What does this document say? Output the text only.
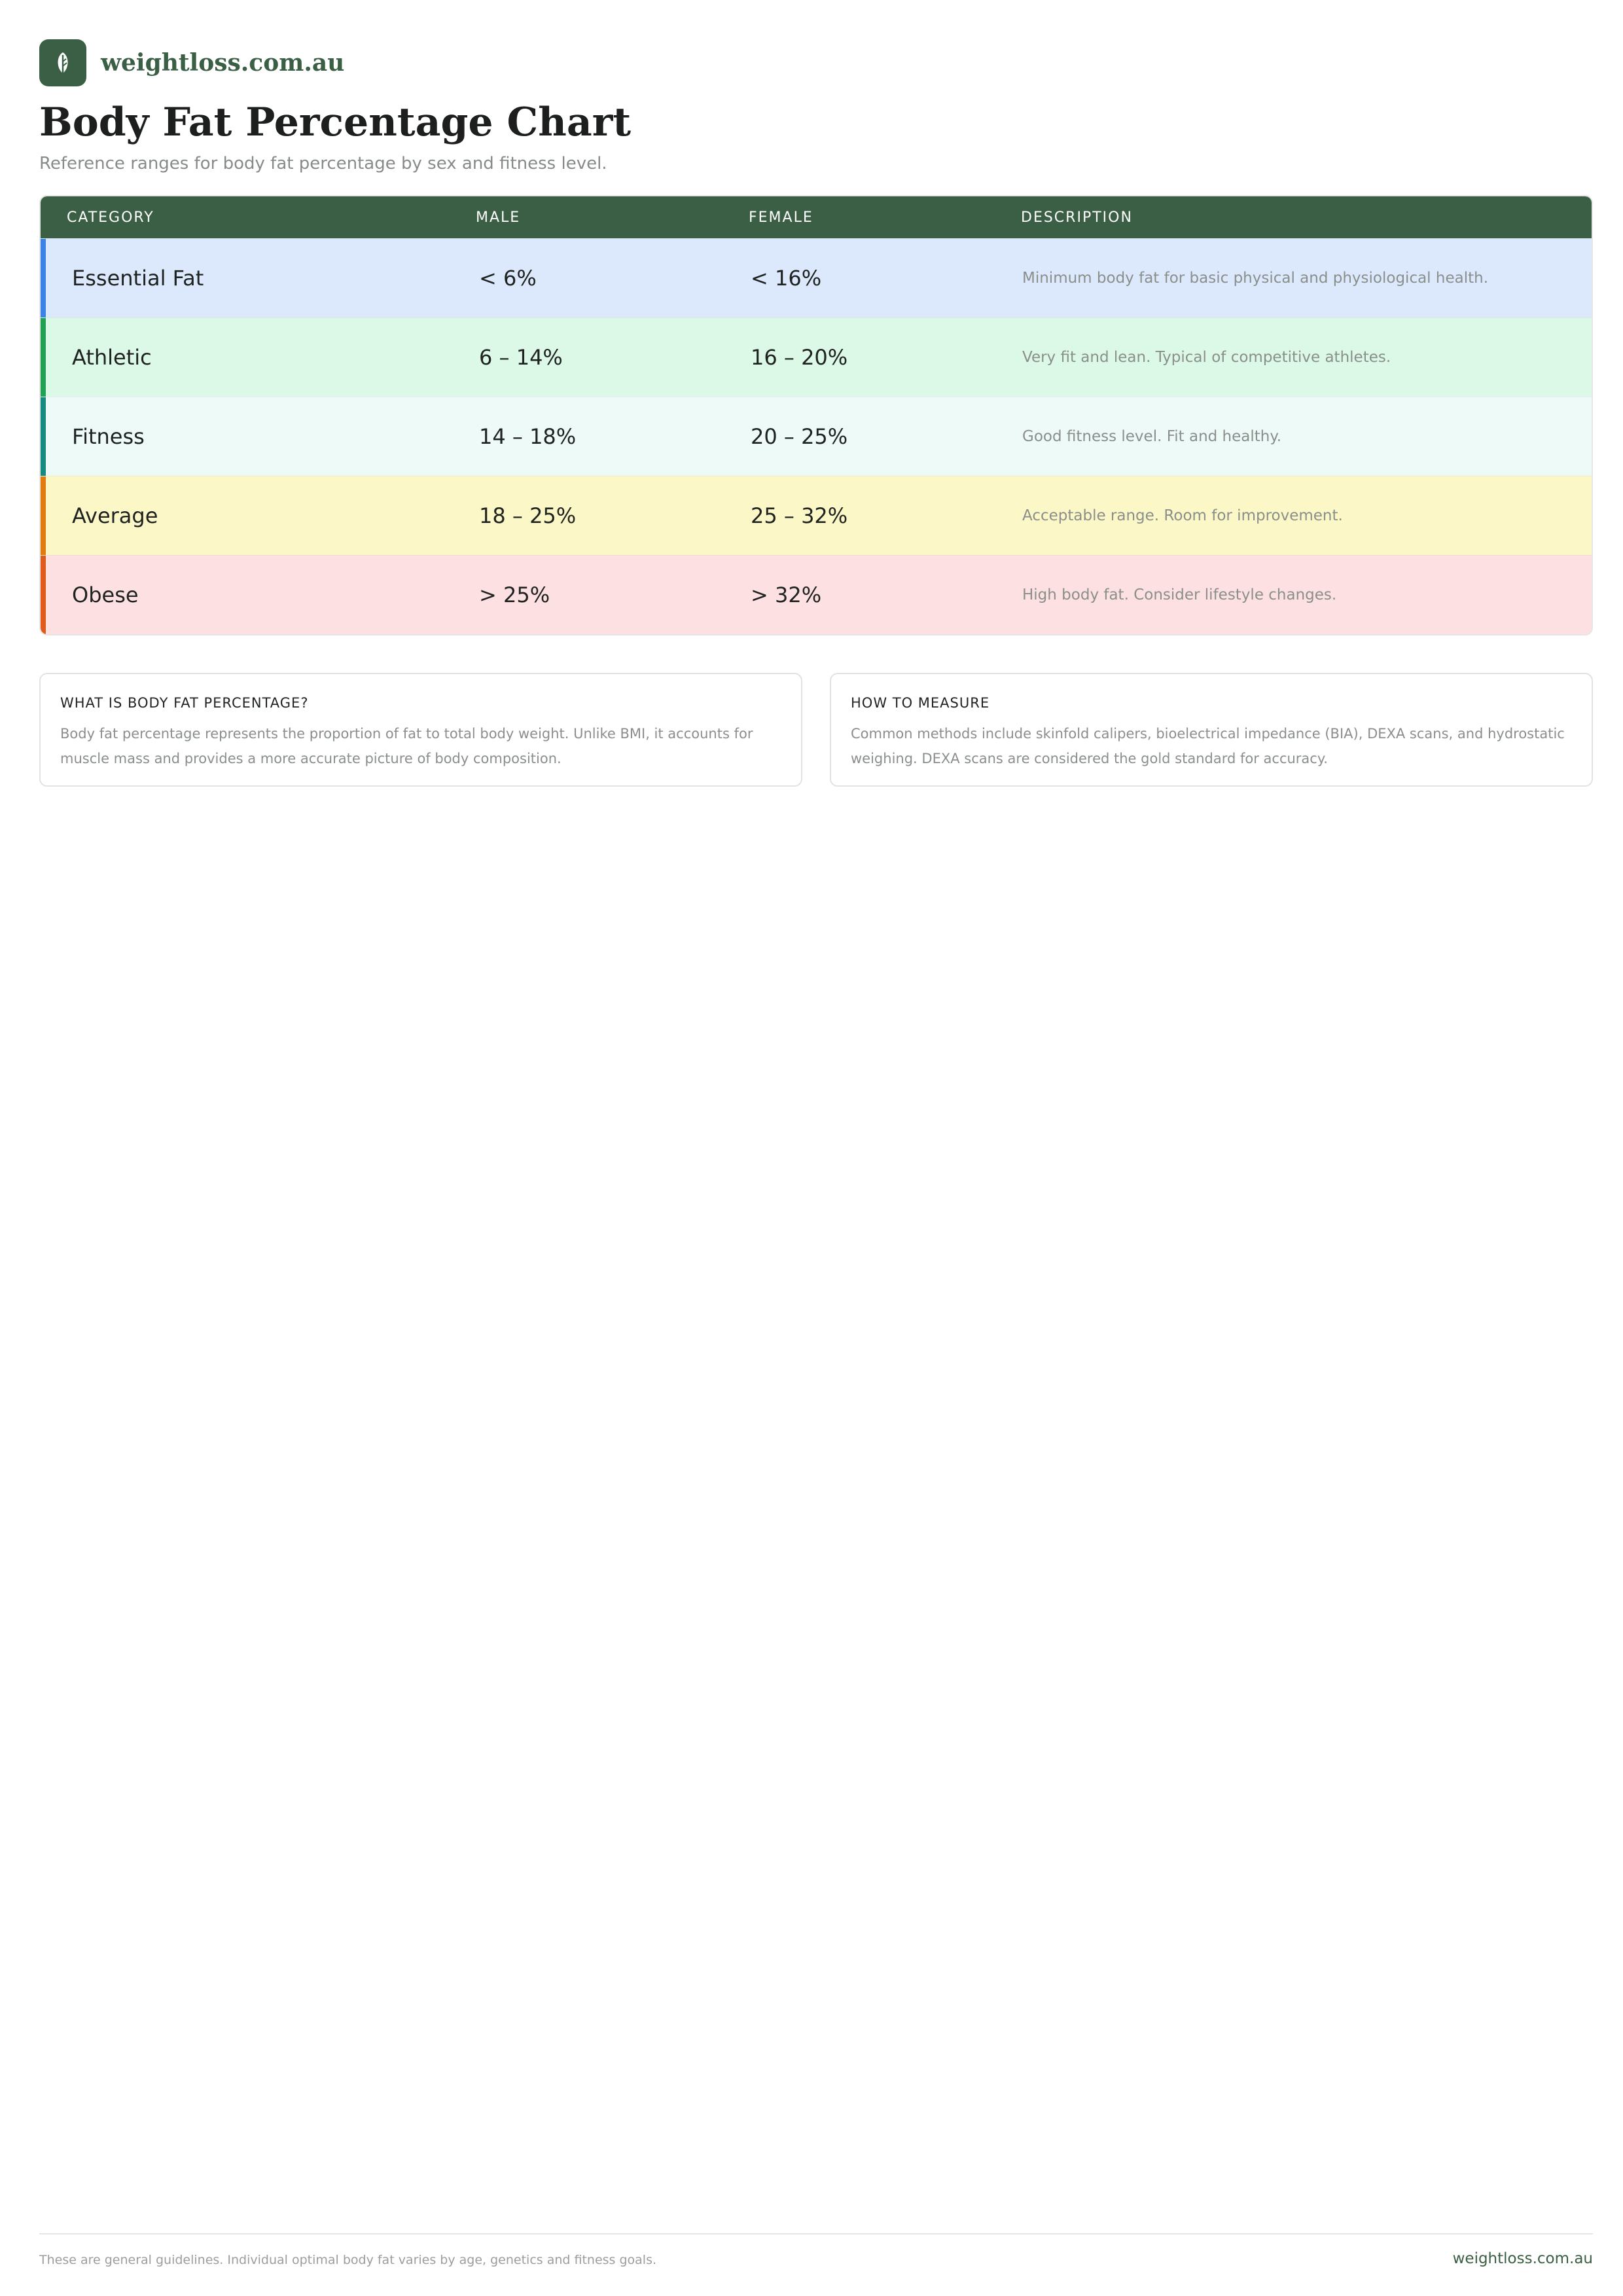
weightloss.com.au
Body Fat Percentage Chart
Reference ranges for body fat percentage by sex and fitness level.
CATEGORY	MALE	FEMALE	DESCRIPTION
Essential Fat	< 6%	< 16%	Minimum body fat for basic physical and physiological health.
Athletic	6 – 14%	16 – 20%	Very fit and lean. Typical of competitive athletes.
Fitness	14 – 18%	20 – 25%	Good fitness level. Fit and healthy.
Average	18 – 25%	25 – 32%	Acceptable range. Room for improvement.
Obese	> 25%	> 32%	High body fat. Consider lifestyle changes.
WHAT IS BODY FAT PERCENTAGE?
Body fat percentage represents the proportion of fat to total body weight. Unlike BMI, it accounts for muscle mass and provides a more accurate picture of body composition.
HOW TO MEASURE
Common methods include skinfold calipers, bioelectrical impedance (BIA), DEXA scans, and hydrostatic weighing. DEXA scans are considered the gold standard for accuracy.
These are general guidelines. Individual optimal body fat varies by age, genetics and fitness goals.	weightloss.com.au
